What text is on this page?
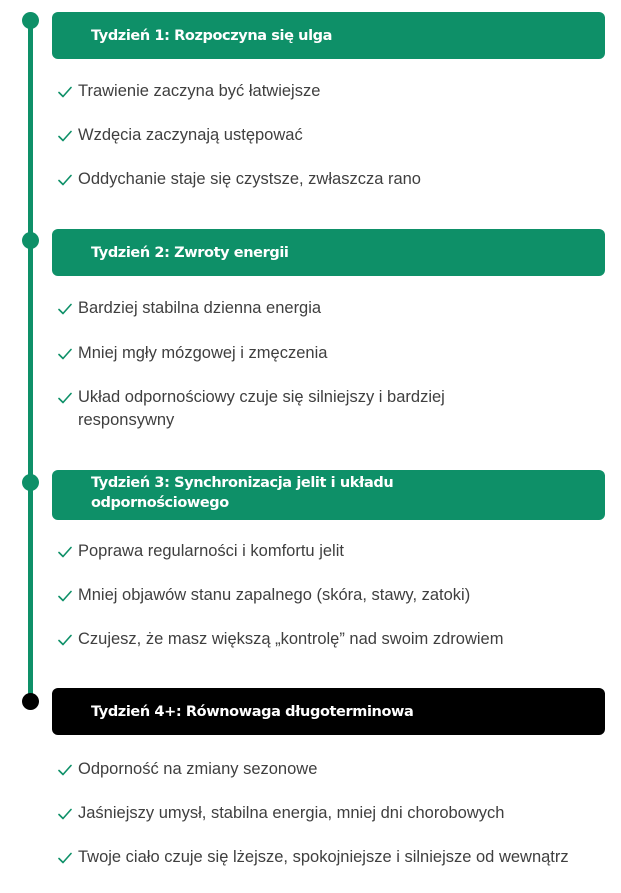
Tydzień 1: Rozpoczyna się ulga
Trawienie zaczyna być łatwiejsze
Wzdęcia zaczynają ustępować
Oddychanie staje się czystsze, zwłaszcza rano
Tydzień 2: Zwroty energii
Bardziej stabilna dzienna energia
Mniej mgły mózgowej i zmęczenia
Układ odpornościowy czuje się silniejszy i bardziej responsywny
Tydzień 3: Synchronizacja jelit i układu odpornościowego
Poprawa regularności i komfortu jelit
Mniej objawów stanu zapalnego (skóra, stawy, zatoki)
Czujesz, że masz większą „kontrolę” nad swoim zdrowiem
Tydzień 4+: Równowaga długoterminowa
Odporność na zmiany sezonowe
Jaśniejszy umysł, stabilna energia, mniej dni chorobowych
Twoje ciało czuje się lżejsze, spokojniejsze i silniejsze od wewnątrz
